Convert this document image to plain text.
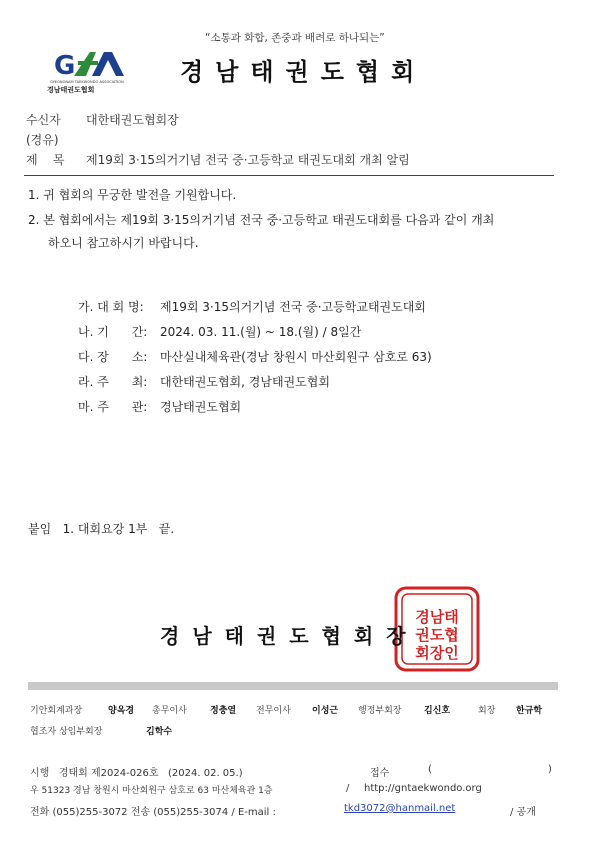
“소통과 화합, 존중과 배려로 하나되는”
G
GYEONGNAM TAEKWONDO ASSOCIATION
경남태권도협회
경남태권도협회
수신자 대한태권도협회장
(경유)
제    목 제19회 3·15의거기념 전국 중·고등학교 태권도대회 개최 알림
1. 귀 협회의 무궁한 발전을 기원합니다.
2. 본 협회에서는 제19회 3·15의거기념 전국 중·고등학교 태권도대회를 다음과 같이 개최
하오니 참고하시기 바랍니다.
가. 대 회 명: 제19회 3·15의거기념 전국 중·고등학교태권도대회
나. 기      간: 2024. 03. 11.(월) ~ 18.(월) / 8일간
다. 장      소: 마산실내체육관(경남 창원시 마산회원구 삼호로 63)
라. 주      최: 대한태권도협회, 경남태권도협회
마. 주      관: 경남태권도협회
붙임   1. 대회요강 1부   끝.
경남태
권도협
회장인
경남태권도협회장
기안회계과장	양옥경 총무이사	정충열 전무이사 이성근 행정부회장	김신호	회장 한규학
협조자 상임부회장	김학수
시행   경태회 제2024-026호   (2024. 02. 05.)	접수	(	)
우 51323 경남 창원시 마산회원구 삼호로 63 마산체육관 1층	/ http://gntaekwondo.org
전화 (055)255-3072 전송 (055)255-3074 / E-mail :	tkd3072@hanmail.net	/ 공개
